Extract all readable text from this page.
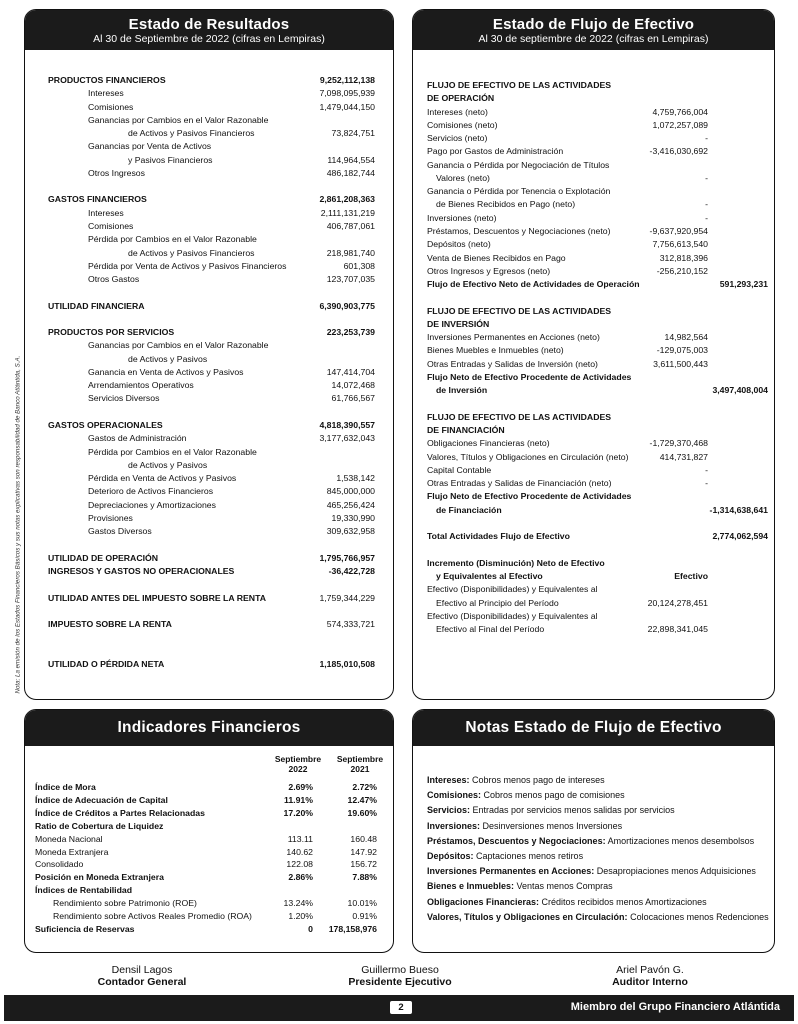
Nota: La emisión de los Estados Financieros Básicos y sus notas explicativas son responsabilidad de Banco Atlántida, S.A.
Estado de Resultados
Al 30 de Septiembre de 2022 (cifras en Lempiras)
PRODUCTOS FINANCIEROS	9,252,112,138
Intereses	7,098,095,939
Comisiones	1,479,044,150
Ganancias por Cambios en el Valor Razonable
de Activos y Pasivos Financieros	73,824,751
Ganancias por Venta de Activos
y Pasivos Financieros	114,964,554
Otros Ingresos	486,182,744
GASTOS FINANCIEROS	2,861,208,363
Intereses	2,111,131,219
Comisiones	406,787,061
Pérdida por Cambios en el Valor Razonable
de Activos y Pasivos Financieros	218,981,740
Pérdida por Venta de Activos y Pasivos Financieros	601,308
Otros Gastos	123,707,035
UTILIDAD FINANCIERA	6,390,903,775
PRODUCTOS POR SERVICIOS	223,253,739
Ganancias por Cambios en el Valor Razonable
de Activos y Pasivos
Ganancia en Venta de Activos y Pasivos	147,414,704
Arrendamientos Operativos	14,072,468
Servicios Diversos	61,766,567
GASTOS OPERACIONALES	4,818,390,557
Gastos de Administración	3,177,632,043
Pérdida por Cambios en el Valor Razonable
de Activos y Pasivos
Pérdida en Venta de Activos y Pasivos	1,538,142
Deterioro de Activos Financieros	845,000,000
Depreciaciones y Amortizaciones	465,256,424
Provisiones	19,330,990
Gastos Diversos	309,632,958
UTILIDAD DE OPERACIÓN	1,795,766,957
INGRESOS Y GASTOS NO OPERACIONALES	-36,422,728
UTILIDAD ANTES DEL IMPUESTO SOBRE LA RENTA	1,759,344,229
IMPUESTO SOBRE LA RENTA	574,333,721
UTILIDAD O PÉRDIDA NETA	1,185,010,508
Estado de Flujo de Efectivo
Al 30 de septiembre de 2022 (cifras en Lempiras)
FLUJO DE EFECTIVO DE LAS ACTIVIDADES
DE OPERACIÓN
Intereses (neto)	4,759,766,004
Comisiones (neto)	1,072,257,089
Servicios (neto)	-
Pago por Gastos de Administración	-3,416,030,692
Ganancia o Pérdida por Negociación de Títulos
Valores (neto)	-
Ganancia o Pérdida por Tenencia o Explotación
de Bienes Recibidos en Pago (neto)	-
Inversiones (neto)	-
Préstamos, Descuentos y Negociaciones (neto)	-9,637,920,954
Depósitos (neto)	7,756,613,540
Venta de Bienes Recibidos en Pago	312,818,396
Otros Ingresos y Egresos (neto)	-256,210,152
Flujo de Efectivo Neto de Actividades de Operación	591,293,231
FLUJO DE EFECTIVO DE LAS ACTIVIDADES
DE INVERSIÓN
Inversiones Permanentes en Acciones (neto)	14,982,564
Bienes Muebles e Inmuebles (neto)	-129,075,003
Otras Entradas y Salidas de Inversión (neto)	3,611,500,443
Flujo Neto de Efectivo Procedente de Actividades
de Inversión	3,497,408,004
FLUJO DE EFECTIVO DE LAS ACTIVIDADES
DE FINANCIACIÓN
Obligaciones Financieras (neto)	-1,729,370,468
Valores, Títulos y Obligaciones en Circulación (neto)	414,731,827
Capital Contable	-
Otras Entradas y Salidas de Financiación (neto)	-
Flujo Neto de Efectivo Procedente de Actividades
de Financiación	-1,314,638,641
Total Actividades Flujo de Efectivo	2,774,062,594
Incremento (Disminución) Neto de Efectivo
y Equivalentes al Efectivo	Efectivo
Efectivo (Disponibilidades) y Equivalentes al
Efectivo al Principio del Período	20,124,278,451
Efectivo (Disponibilidades) y Equivalentes al
Efectivo al Final del Período	22,898,341,045
Indicadores Financieros
Septiembre 2022
Septiembre 2021
Índice de Mora	2.69%	2.72%
Índice de Adecuación de Capital	11.91%	12.47%
Índice de Créditos a Partes Relacionadas	17.20%	19.60%
Ratio de Cobertura de Liquidez
Moneda Nacional	113.11	160.48
Moneda Extranjera	140.62	147.92
Consolidado	122.08	156.72
Posición en Moneda Extranjera	2.86%	7.88%
Índices de Rentabilidad
Rendimiento sobre Patrimonio (ROE)	13.24%	10.01%
Rendimiento sobre Activos Reales Promedio (ROA)	1.20%	0.91%
Suficiencia de Reservas	0 178,158,976
Notas Estado de Flujo de Efectivo
Intereses: Cobros menos pago de intereses
Comisiones: Cobros menos pago de comisiones
Servicios: Entradas por servicios menos salidas por servicios
Inversiones: Desinversiones menos Inversiones
Préstamos, Descuentos y Negociaciones: Amortizaciones menos desembolsos
Depósitos: Captaciones menos retiros
Inversiones Permanentes en Acciones: Desapropiaciones menos Adquisiciones
Bienes e Inmuebles: Ventas menos Compras
Obligaciones Financieras: Créditos recibidos menos Amortizaciones
Valores, Títulos y Obligaciones en Circulación: Colocaciones menos Redenciones
Densil Lagos
Contador General
Guillermo Bueso
Presidente Ejecutivo
Ariel Pavón G.
Auditor Interno
2	Miembro del Grupo Financiero Atlántida
